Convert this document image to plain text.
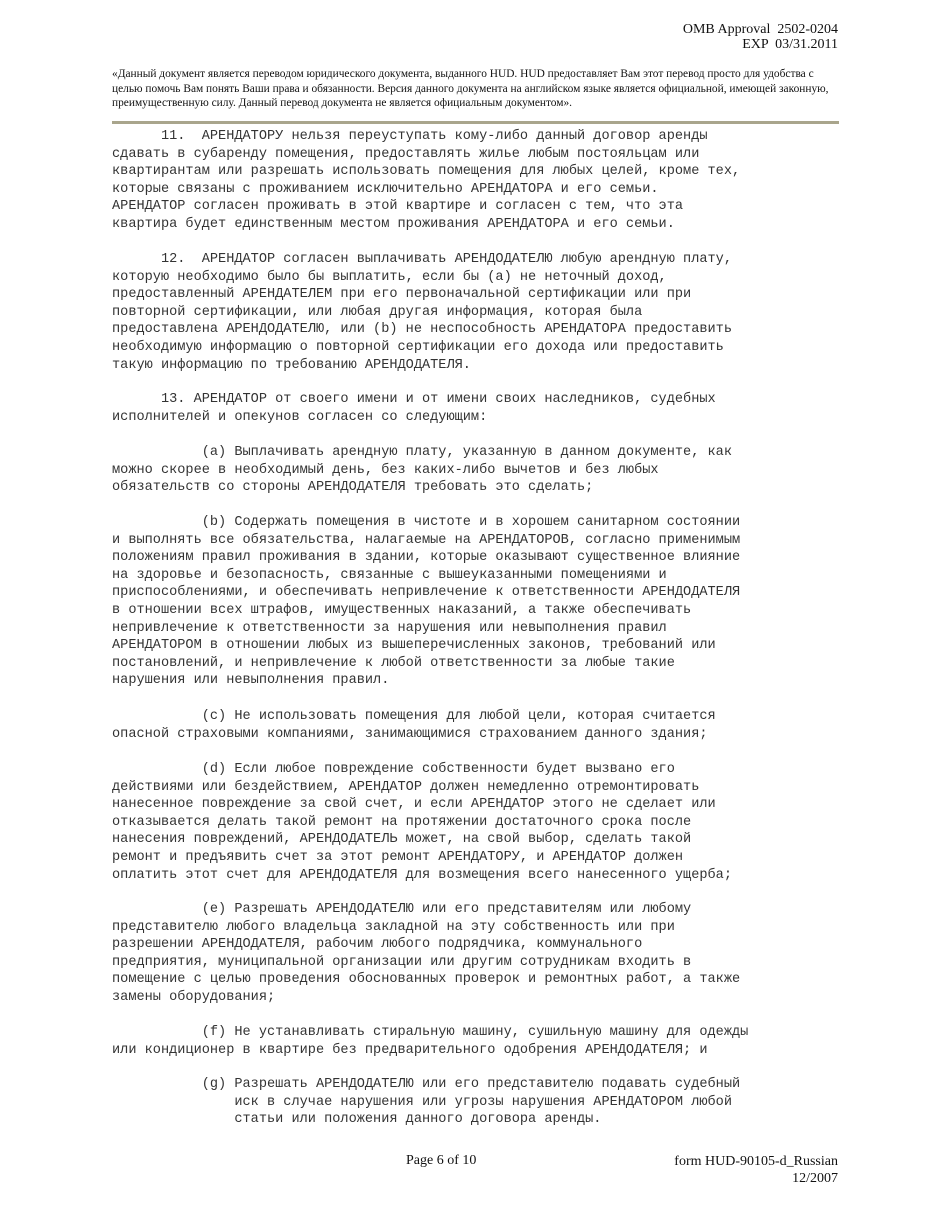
OMB Approval  2502-0204
EXP  03/31.2011
«Данный документ является переводом юридического документа, выданного HUD. HUD предоставляет Вам этот перевод просто для удобства с целью помочь Вам понять Ваши права и обязанности. Версия данного документа на английском языке является официальной, имеющей законную, преимущественную силу. Данный перевод документа не является официальным документом».
11.  АРЕНДАТОРУ нельзя переуступать кому-либо данный договор аренды
сдавать в субаренду помещения, предоставлять жилье любым постояльцам или
квартирантам или разрешать использовать помещения для любых целей, кроме тех,
которые связаны с проживанием исключительно АРЕНДАТОРА и его семьи.
АРЕНДАТОР согласен проживать в этой квартире и согласен с тем, что эта
квартира будет единственным местом проживания АРЕНДАТОРА и его семьи.
12.  АРЕНДАТОР согласен выплачивать АРЕНДОДАТЕЛЮ любую арендную плату,
которую необходимо было бы выплатить, если бы (a) не неточный доход,
предоставленный АРЕНДАТЕЛЕМ при его первоначальной сертификации или при
повторной сертификации, или любая другая информация, которая была
предоставлена АРЕНДОДАТЕЛЮ, или (b) не неспособность АРЕНДАТОРА предоставить
необходимую информацию о повторной сертификации его дохода или предоставить
такую информацию по требованию АРЕНДОДАТЕЛЯ.
13. АРЕНДАТОР от своего имени и от имени своих наследников, судебных
исполнителей и опекунов согласен со следующим:
(a) Выплачивать арендную плату, указанную в данном документе, как
можно скорее в необходимый день, без каких-либо вычетов и без любых
обязательств со стороны АРЕНДОДАТЕЛЯ требовать это сделать;
(b) Содержать помещения в чистоте и в хорошем санитарном состоянии
и выполнять все обязательства, налагаемые на АРЕНДАТОРОВ, согласно применимым
положениям правил проживания в здании, которые оказывают существенное влияние
на здоровье и безопасность, связанные с вышеуказанными помещениями и
приспособлениями, и обеспечивать непривлечение к ответственности АРЕНДОДАТЕЛЯ
в отношении всех штрафов, имущественных наказаний, а также обеспечивать
непривлечение к ответственности за нарушения или невыполнения правил
АРЕНДАТОРОМ в отношении любых из вышеперечисленных законов, требований или
постановлений, и непривлечение к любой ответственности за любые такие
нарушения или невыполнения правил.
(c) Не использовать помещения для любой цели, которая считается
опасной страховыми компаниями, занимающимися страхованием данного здания;
(d) Если любое повреждение собственности будет вызвано его
действиями или бездействием, АРЕНДАТОР должен немедленно отремонтировать
нанесенное повреждение за свой счет, и если АРЕНДАТОР этого не сделает или
отказывается делать такой ремонт на протяжении достаточного срока после
нанесения повреждений, АРЕНДОДАТЕЛЬ может, на свой выбор, сделать такой
ремонт и предъявить счет за этот ремонт АРЕНДАТОРУ, и АРЕНДАТОР должен
оплатить этот счет для АРЕНДОДАТЕЛЯ для возмещения всего нанесенного ущерба;
(e) Разрешать АРЕНДОДАТЕЛЮ или его представителям или любому
представителю любого владельца закладной на эту собственность или при
разрешении АРЕНДОДАТЕЛЯ, рабочим любого подрядчика, коммунального
предприятия, муниципальной организации или другим сотрудникам входить в
помещение с целью проведения обоснованных проверок и ремонтных работ, а также
замены оборудования;
(f) Не устанавливать стиральную машину, сушильную машину для одежды
или кондиционер в квартире без предварительного одобрения АРЕНДОДАТЕЛЯ; и
(g) Разрешать АРЕНДОДАТЕЛЮ или его представителю подавать судебный
иск в случае нарушения или угрозы нарушения АРЕНДАТОРОМ любой
статьи или положения данного договора аренды.
Page 6 of 10	form HUD-90105-d_Russian
12/2007
